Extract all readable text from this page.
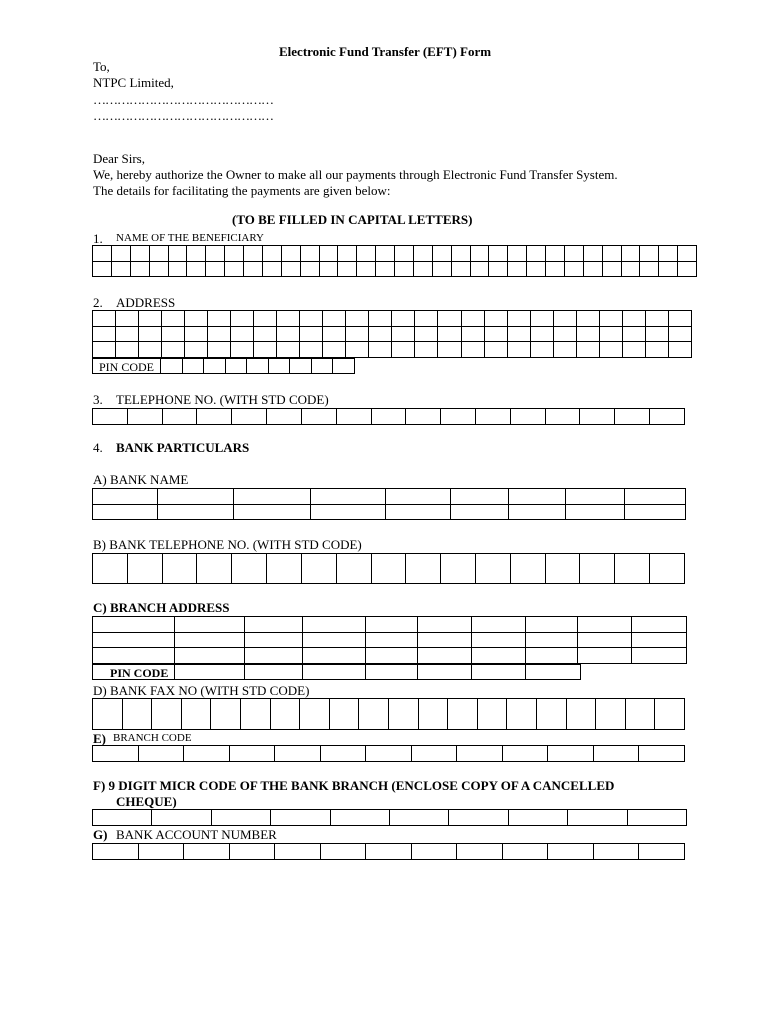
Electronic Fund Transfer (EFT) Form
To,
NTPC Limited,
………………………………………
………………………………………
Dear Sirs,
We, hereby authorize the Owner to make all our payments through Electronic Fund Transfer System.
The details for facilitating the payments are given below:
(TO BE FILLED IN CAPITAL LETTERS)
1. NAME OF THE BENEFICIARY

2. ADDRESS

PIN CODE
3. TELEPHONE NO. (WITH STD CODE)

4. BANK PARTICULARS
A) BANK NAME

B) BANK TELEPHONE NO. (WITH STD CODE)

C) BRANCH ADDRESS

PIN CODE
D) BANK FAX NO (WITH STD CODE)

E) BRANCH CODE

F) 9 DIGIT MICR CODE OF THE BANK BRANCH (ENCLOSE COPY OF A CANCELLED
CHEQUE)

G) BANK ACCOUNT NUMBER
